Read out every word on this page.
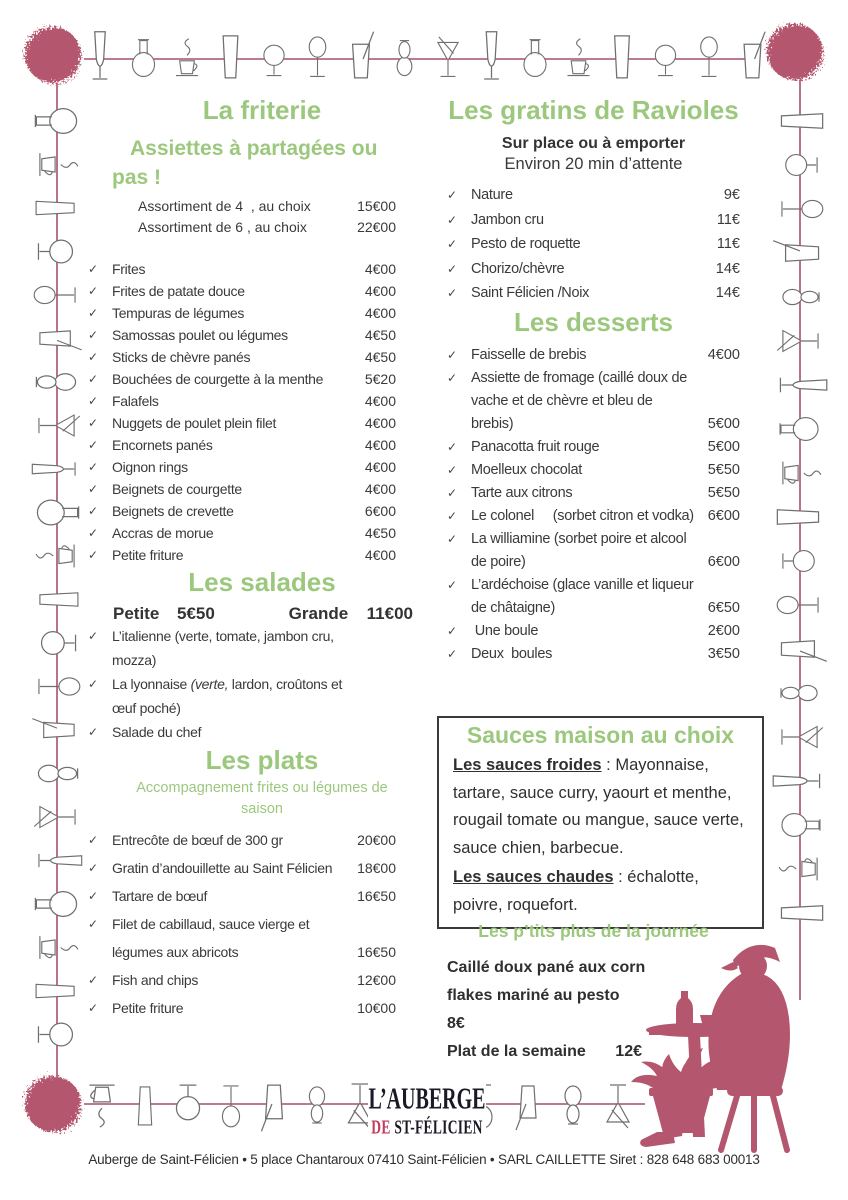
La friterie
Assiettes à partagées ou pas !
Assortiment de 4  , au choix	15€00
Assortiment de 6 , au choix	22€00
✓ Frites	4€00
✓ Frites de patate douce	4€00
✓ Tempuras de légumes	4€00
✓ Samossas poulet ou légumes	4€50
✓ Sticks de chèvre panés	4€50
✓ Bouchées de courgette à la menthe	5€20
✓ Falafels	4€00
✓ Nuggets de poulet plein filet	4€00
✓ Encornets panés	4€00
✓ Oignon rings	4€00
✓ Beignets de courgette	4€00
✓ Beignets de crevette	6€00
✓ Accras de morue	4€50
✓ Petite friture	4€00
Les salades
Petite	5€50	Grande	11€00
✓ L’italienne (verte, tomate, jambon cru, mozza)
✓ La lyonnaise (verte, lardon, croûtons et œuf poché)
✓ Salade du chef
Les plats
Accompagnement frites ou légumes de saison
✓ Entrecôte de bœuf de 300 gr	20€00
✓ Gratin d’andouillette au Saint Félicien	18€00
✓ Tartare de bœuf	16€50
✓ Filet de cabillaud, sauce vierge et légumes aux abricots	16€50
✓ Fish and chips	12€00
✓ Petite friture	10€00
Les gratins de Ravioles
Sur place ou à emporter
Environ 20 min d’attente
✓ Nature	9€
✓ Jambon cru	11€
✓ Pesto de roquette	11€
✓ Chorizo/chèvre	14€
✓ Saint Félicien /Noix	14€
Les desserts
✓ Faisselle de brebis	4€00
✓ Assiette de fromage (caillé doux de vache et de chèvre et bleu de brebis)	5€00
✓ Panacotta fruit rouge	5€00
✓ Moelleux chocolat	5€50
✓ Tarte aux citrons	5€50
✓ Le colonel     (sorbet citron et vodka) 6€00
✓ La williamine (sorbet poire et alcool de poire)	6€00
✓ L’ardéchoise (glace vanille et liqueur de châtaigne)	6€50
✓ Une boule	2€00
✓ Deux  boules	3€50
Sauces maison au choix

Les sauces froides : Mayonnaise, tartare, sauce curry, yaourt et menthe, rougail tomate ou mangue, sauce verte, sauce chien, barbecue.

Les sauces chaudes : échalotte, poivre, roquefort.

Les p’tits plus de la journée
Caillé doux pané aux corn flakes mariné au pesto
8€
Plat de la semaine 12€
L’AUBERGE
DE ST-FÉLICIEN
Auberge de Saint-Félicien • 5 place Chantaroux 07410 Saint-Félicien • SARL CAILLETTE Siret : 828 648 683 00013
